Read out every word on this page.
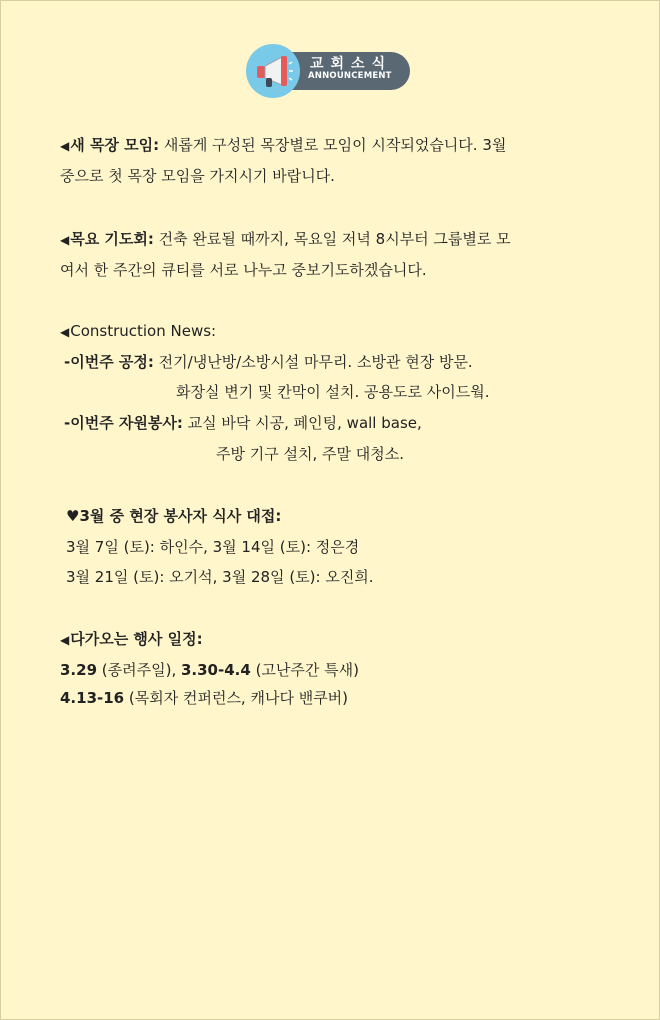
교회소식
ANNOUNCEMENT
◀새 목장 모임: 새롭게 구성된 목장별로 모임이 시작되었습니다. 3월
중으로 첫 목장 모임을 가지시기 바랍니다.
◀목요 기도회: 건축 완료될 때까지, 목요일 저녁 8시부터 그룹별로 모
여서 한 주간의 큐티를 서로 나누고 중보기도하겠습니다.
◀Construction News:
-이번주 공정: 전기/냉난방/소방시설 마무리. 소방관 현장 방문.
화장실 변기 및 칸막이 설치. 공용도로 사이드웤.
-이번주 자원봉사: 교실 바닥 시공, 페인팅, wall base,
주방 기구 설치, 주말 대청소.
♥3월 중 현장 봉사자 식사 대접:
3월 7일 (토): 하인수, 3월 14일 (토): 정은경
3월 21일 (토): 오기석, 3월 28일 (토): 오진희.
◀다가오는 행사 일정:
3.29 (종려주일), 3.30-4.4 (고난주간 특새)
4.13-16 (목회자 컨퍼런스, 캐나다 밴쿠버)
